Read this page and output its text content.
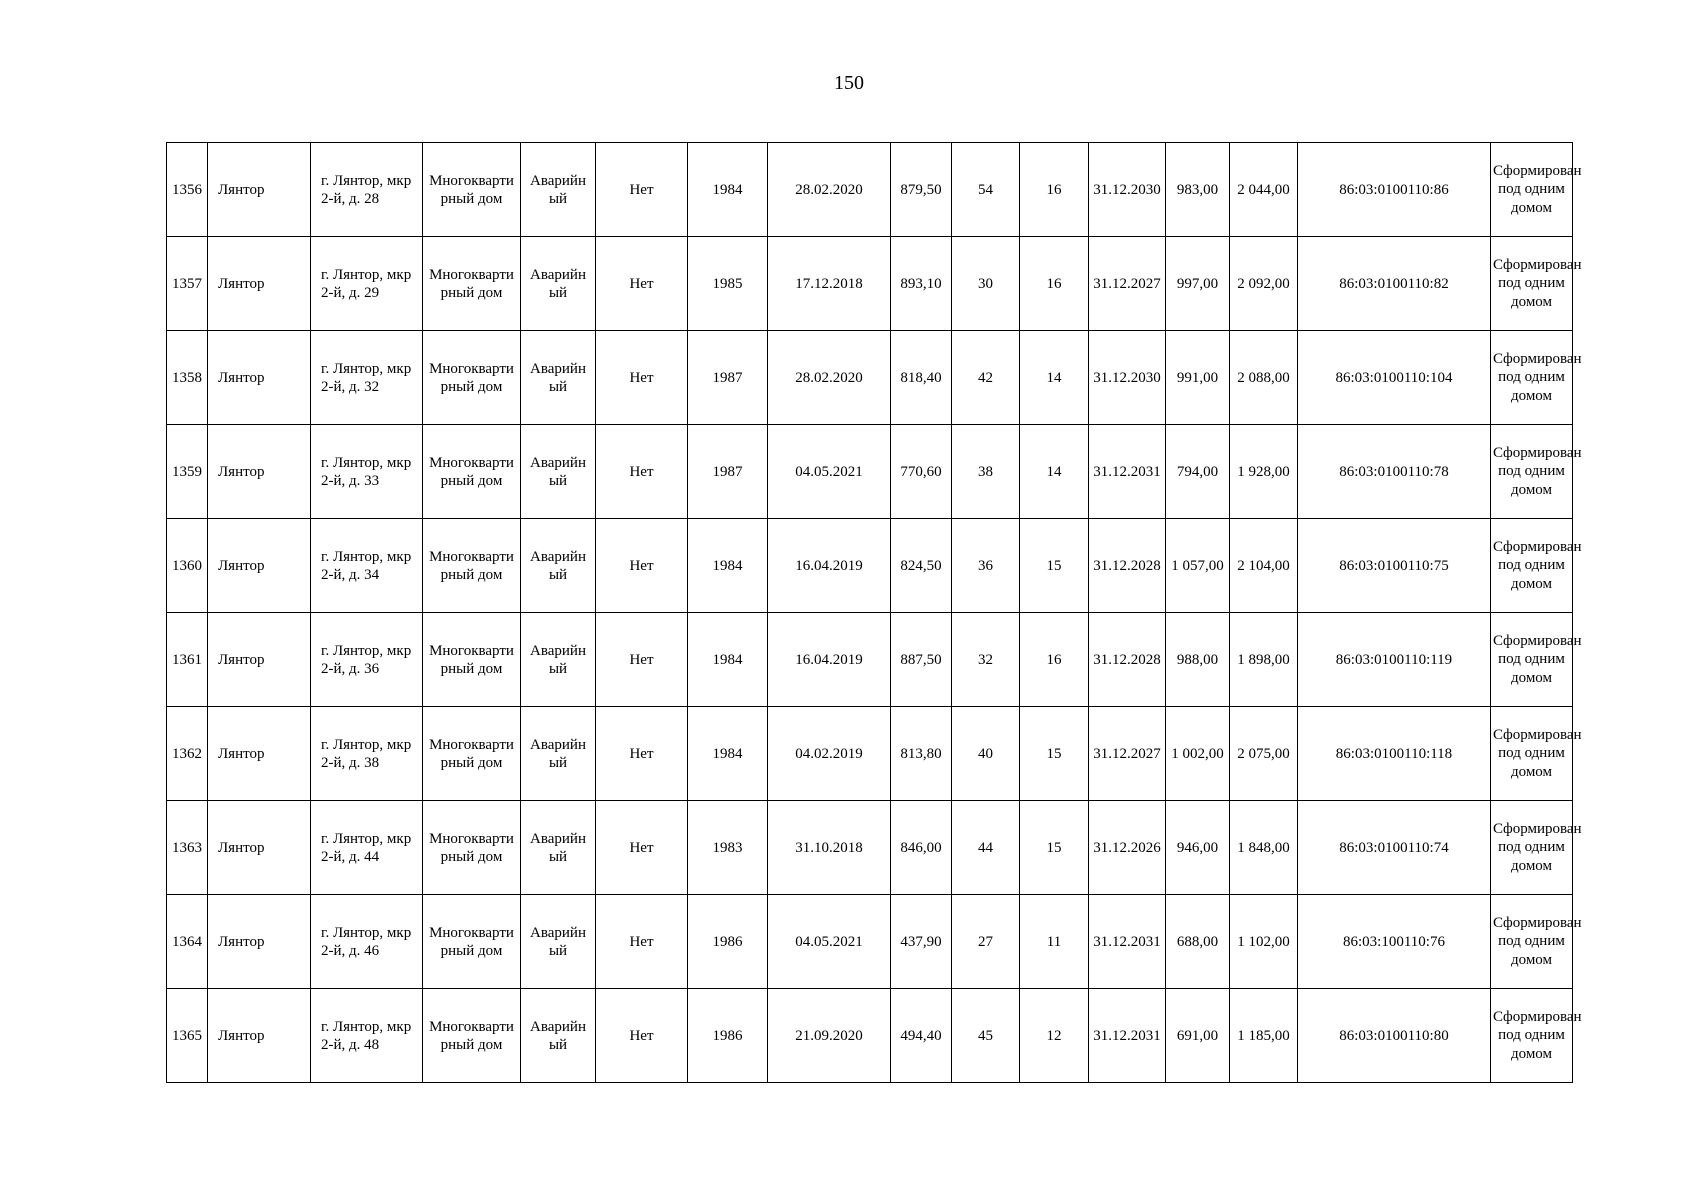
150
1356	Лянтор	г. Лянтор, мкр 2-й, д. 28	Многоквартирный дом	Аварийный	Нет	1984	28.02.2020	879,50	54	16	31.12.2030	983,00	2 044,00	86:03:0100110:86	Сформирован под одним домом
1357	Лянтор	г. Лянтор, мкр 2-й, д. 29	Многоквартирный дом	Аварийный	Нет	1985	17.12.2018	893,10	30	16	31.12.2027	997,00	2 092,00	86:03:0100110:82	Сформирован под одним домом
1358	Лянтор	г. Лянтор, мкр 2-й, д. 32	Многоквартирный дом	Аварийный	Нет	1987	28.02.2020	818,40	42	14	31.12.2030	991,00	2 088,00	86:03:0100110:104	Сформирован под одним домом
1359	Лянтор	г. Лянтор, мкр 2-й, д. 33	Многоквартирный дом	Аварийный	Нет	1987	04.05.2021	770,60	38	14	31.12.2031	794,00	1 928,00	86:03:0100110:78	Сформирован под одним домом
1360	Лянтор	г. Лянтор, мкр 2-й, д. 34	Многоквартирный дом	Аварийный	Нет	1984	16.04.2019	824,50	36	15	31.12.2028	1 057,00	2 104,00	86:03:0100110:75	Сформирован под одним домом
1361	Лянтор	г. Лянтор, мкр 2-й, д. 36	Многоквартирный дом	Аварийный	Нет	1984	16.04.2019	887,50	32	16	31.12.2028	988,00	1 898,00	86:03:0100110:119	Сформирован под одним домом
1362	Лянтор	г. Лянтор, мкр 2-й, д. 38	Многоквартирный дом	Аварийный	Нет	1984	04.02.2019	813,80	40	15	31.12.2027	1 002,00	2 075,00	86:03:0100110:118	Сформирован под одним домом
1363	Лянтор	г. Лянтор, мкр 2-й, д. 44	Многоквартирный дом	Аварийный	Нет	1983	31.10.2018	846,00	44	15	31.12.2026	946,00	1 848,00	86:03:0100110:74	Сформирован под одним домом
1364	Лянтор	г. Лянтор, мкр 2-й, д. 46	Многоквартирный дом	Аварийный	Нет	1986	04.05.2021	437,90	27	11	31.12.2031	688,00	1 102,00	86:03:100110:76	Сформирован под одним домом
1365	Лянтор	г. Лянтор, мкр 2-й, д. 48	Многоквартирный дом	Аварийный	Нет	1986	21.09.2020	494,40	45	12	31.12.2031	691,00	1 185,00	86:03:0100110:80	Сформирован под одним домом
